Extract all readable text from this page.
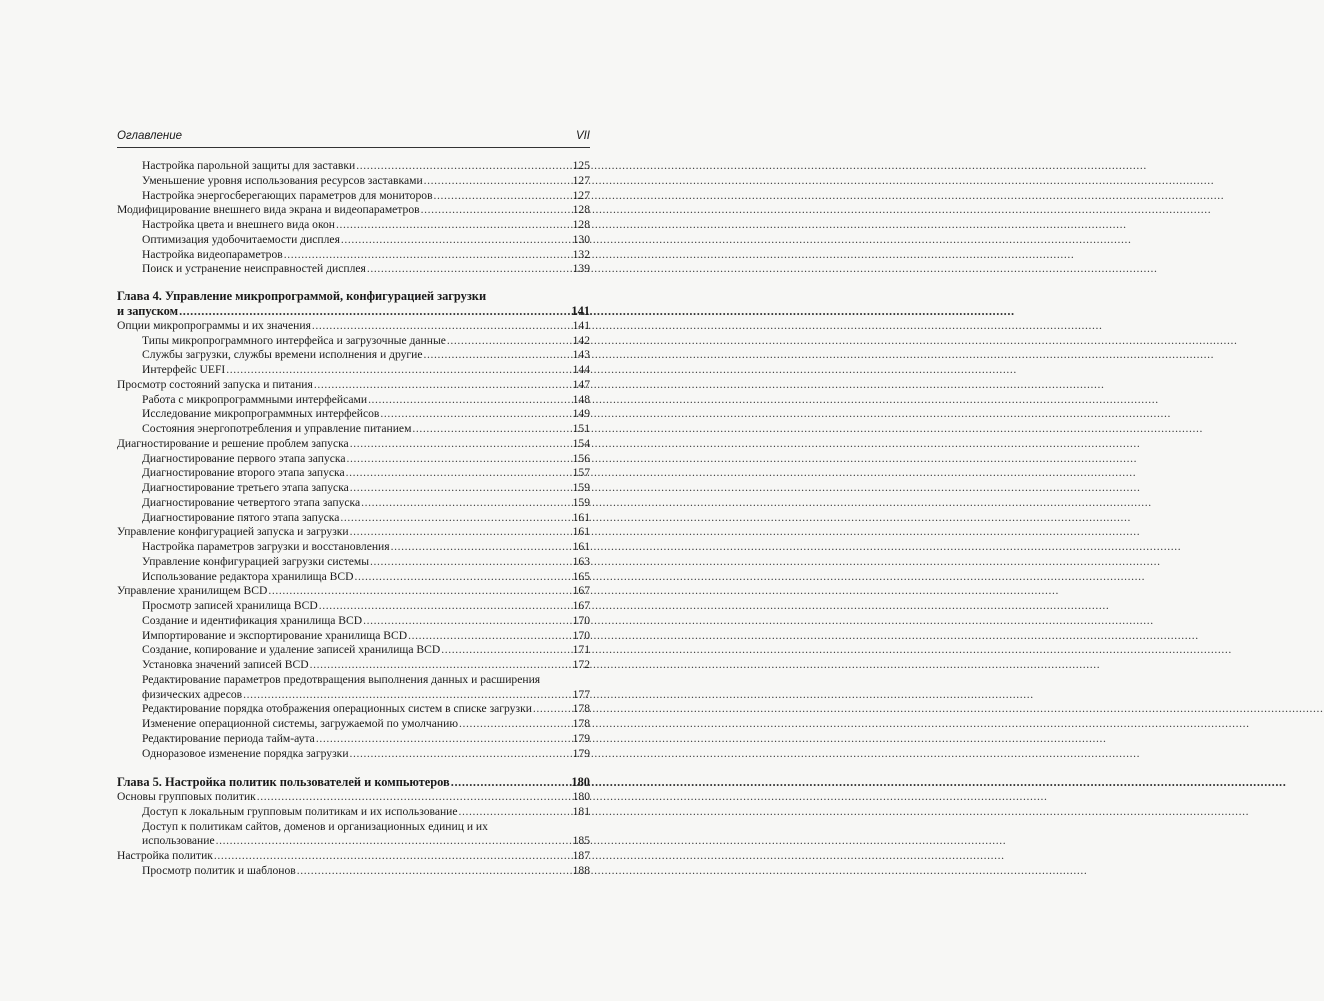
Оглавление	VII
Настройка парольной защиты для заставки .....	125
Уменьшение уровня использования ресурсов заставками .....	127
Настройка энергосберегающих параметров для мониторов .....	127
Модифицирование внешнего вида экрана и видеопараметров .....	128
Настройка цвета и внешнего вида окон .....	128
Оптимизация удобочитаемости дисплея .....	130
Настройка видеопараметров .....	132
Поиск и устранение неисправностей дисплея .....	139
Глава 4. Управление микропрограммой, конфигурацией загрузки
и запуском .....	141
Опции микропрограммы и их значения .....	141
Типы микропрограммного интерфейса и загрузочные данные .....	142
Службы загрузки, службы времени исполнения и другие .....	143
Интерфейс UEFI .....	144
Просмотр состояний запуска и питания .....	147
Работа с микропрограммными интерфейсами .....	148
Исследование микропрограммных интерфейсов .....	149
Состояния энергопотребления и управление питанием .....	151
Диагностирование и решение проблем запуска .....	154
Диагностирование первого этапа запуска .....	156
Диагностирование второго этапа запуска .....	157
Диагностирование третьего этапа запуска .....	159
Диагностирование четвертого этапа запуска .....	159
Диагностирование пятого этапа запуска .....	161
Управление конфигурацией запуска и загрузки .....	161
Настройка параметров загрузки и восстановления .....	161
Управление конфигурацией загрузки системы .....	163
Использование редактора хранилища BCD .....	165
Управление хранилищем BCD .....	167
Просмотр записей хранилища BCD .....	167
Создание и идентификация хранилища BCD .....	170
Импортирование и экспортирование хранилища BCD .....	170
Создание, копирование и удаление записей хранилища BCD .....	171
Установка значений записей BCD .....	172
Редактирование параметров предотвращения выполнения данных и расширения
физических адресов .....	177
Редактирование порядка отображения операционных систем в списке загрузки .....	178
Изменение операционной системы, загружаемой по умолчанию .....	178
Редактирование периода тайм-аута .....	179
Одноразовое изменение порядка загрузки .....	179
Глава 5. Настройка политик пользователей и компьютеров .....	180
Основы групповых политик .....	180
Доступ к локальным групповым политикам и их использование .....	181
Доступ к политикам сайтов, доменов и организационных единиц и их
использование .....	185
Настройка политик .....	187
Просмотр политик и шаблонов .....	188
